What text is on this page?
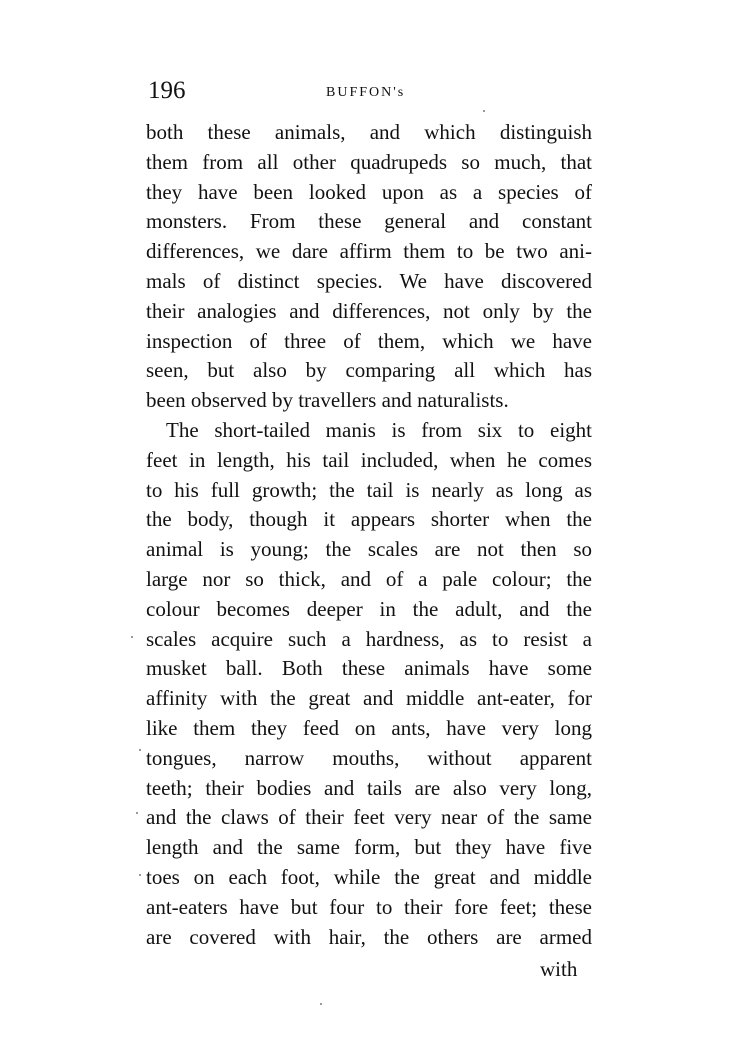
196	BUFFON's
both these animals, and which distinguish
them from all other quadrupeds so much, that
they have been looked upon as a species of
monsters. From these general and constant
differences, we dare affirm them to be two ani-
mals of distinct species. We have discovered
their analogies and differences, not only by the
inspection of three of them, which we have
seen, but also by comparing all which has
been observed by travellers and naturalists.
The short-tailed manis is from six to eight
feet in length, his tail included, when he comes
to his full growth; the tail is nearly as long as
the body, though it appears shorter when the
animal is young; the scales are not then so
large nor so thick, and of a pale colour; the
colour becomes deeper in the adult, and the
scales acquire such a hardness, as to resist a
musket ball. Both these animals have some
affinity with the great and middle ant-eater, for
like them they feed on ants, have very long
tongues, narrow mouths, without apparent
teeth; their bodies and tails are also very long,
and the claws of their feet very near of the same
length and the same form, but they have five
toes on each foot, while the great and middle
ant-eaters have but four to their fore feet; these
are covered with hair, the others are armed
with
